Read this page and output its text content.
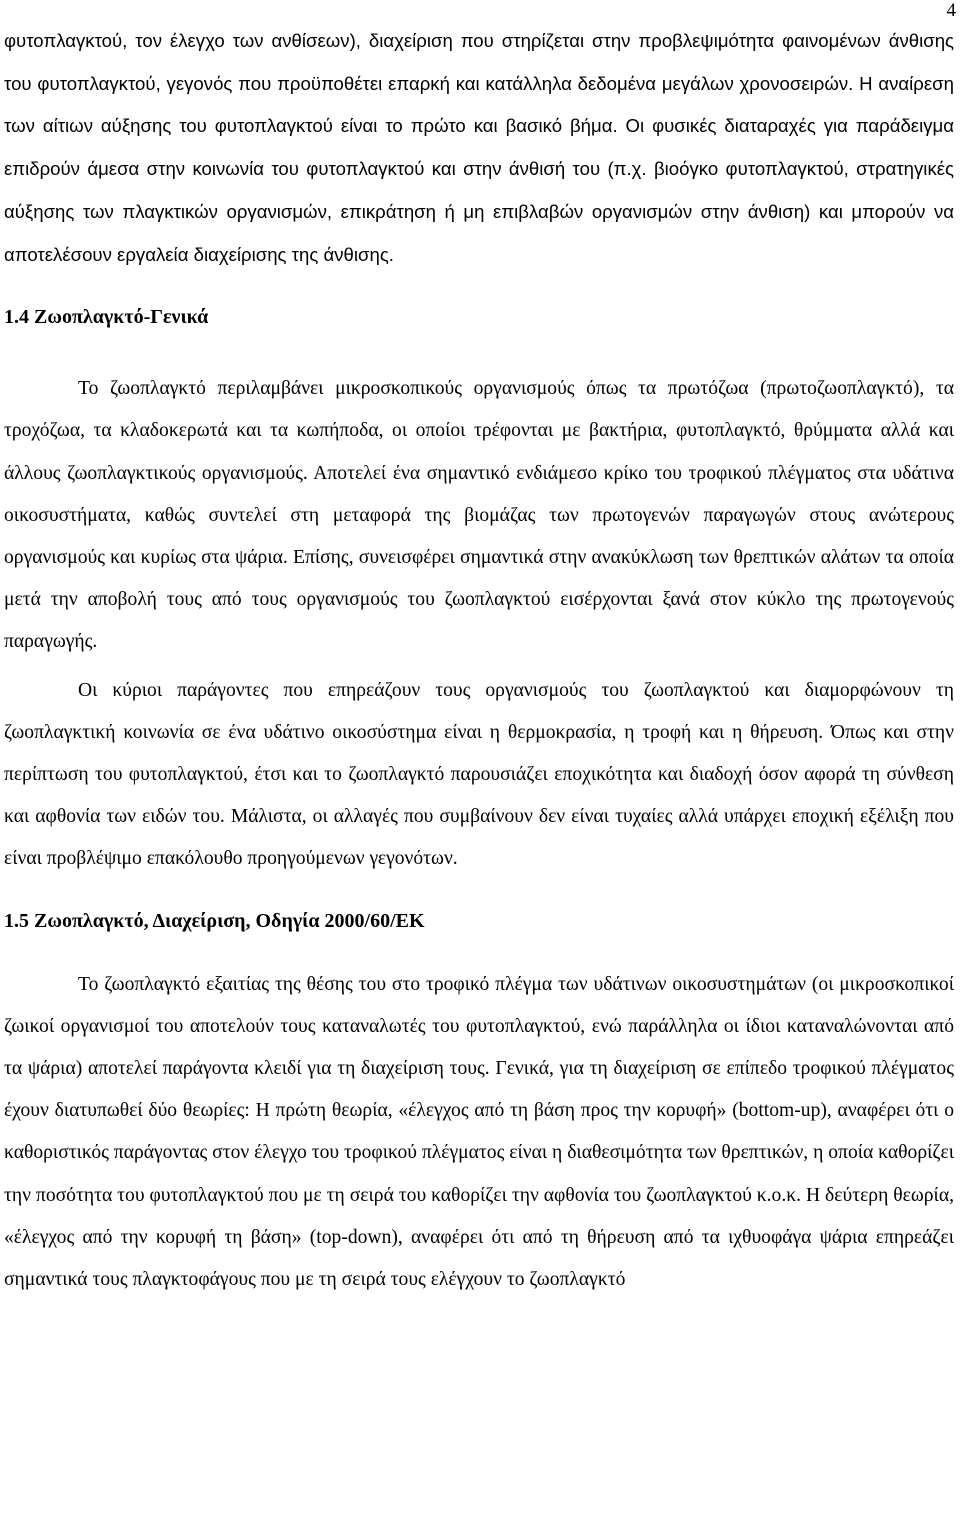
4

φυτοπλαγκτού, τον έλεγχο των ανθίσεων), διαχείριση που στηρίζεται στην προβλεψιμότητα φαινομένων άνθισης του φυτοπλαγκτού, γεγονός που προϋποθέτει επαρκή και κατάλληλα δεδομένα μεγάλων χρονοσειρών. Η αναίρεση των αίτιων αύξησης του φυτοπλαγκτού είναι το πρώτο και βασικό βήμα. Οι φυσικές διαταραχές για παράδειγμα επιδρούν άμεσα στην κοινωνία του φυτοπλαγκτού και στην άνθισή του (π.χ. βιοόγκο φυτοπλαγκτού, στρατηγικές αύξησης των πλαγκτικών οργανισμών, επικράτηση ή μη επιβλαβών οργανισμών στην άνθιση) και μπορούν να αποτελέσουν εργαλεία διαχείρισης της άνθισης.

1.4 Ζωοπλαγκτό-Γενικά

Το ζωοπλαγκτό περιλαμβάνει μικροσκοπικούς οργανισμούς όπως τα πρωτόζωα (πρωτοζωοπλαγκτό), τα τροχόζωα, τα κλαδοκερωτά και τα κωπήποδα, οι οποίοι τρέφονται με βακτήρια, φυτοπλαγκτό, θρύμματα αλλά και άλλους ζωοπλαγκτικούς οργανισμούς. Αποτελεί ένα σημαντικό ενδιάμεσο κρίκο του τροφικού πλέγματος στα υδάτινα οικοσυστήματα, καθώς συντελεί στη μεταφορά της βιομάζας των πρωτογενών παραγωγών στους ανώτερους οργανισμούς και κυρίως στα ψάρια. Επίσης, συνεισφέρει σημαντικά στην ανακύκλωση των θρεπτικών αλάτων τα οποία μετά την αποβολή τους από τους οργανισμούς του ζωοπλαγκτού εισέρχονται ξανά στον κύκλο της πρωτογενούς παραγωγής.

Οι κύριοι παράγοντες που επηρεάζουν τους οργανισμούς του ζωοπλαγκτού και διαμορφώνουν τη ζωοπλαγκτική κοινωνία σε ένα υδάτινο οικοσύστημα είναι η θερμοκρασία, η τροφή και η θήρευση. Όπως και στην περίπτωση του φυτοπλαγκτού, έτσι και το ζωοπλαγκτό παρουσιάζει εποχικότητα και διαδοχή όσον αφορά τη σύνθεση και αφθονία των ειδών του. Μάλιστα, οι αλλαγές που συμβαίνουν δεν είναι τυχαίες αλλά υπάρχει εποχική εξέλιξη που είναι προβλέψιμο επακόλουθο προηγούμενων γεγονότων.

1.5 Ζωοπλαγκτό, Διαχείριση, Οδηγία 2000/60/ΕΚ

Το ζωοπλαγκτό εξαιτίας της θέσης του στο τροφικό πλέγμα των υδάτινων οικοσυστημάτων (οι μικροσκοπικοί ζωικοί οργανισμοί του αποτελούν τους καταναλωτές του φυτοπλαγκτού, ενώ παράλληλα οι ίδιοι καταναλώνονται από τα ψάρια) αποτελεί παράγοντα κλειδί για τη διαχείριση τους. Γενικά, για τη διαχείριση σε επίπεδο τροφικού πλέγματος έχουν διατυπωθεί δύο θεωρίες: Η πρώτη θεωρία, «έλεγχος από τη βάση προς την κορυφή» (bottom-up), αναφέρει ότι ο καθοριστικός παράγοντας στον έλεγχο του τροφικού πλέγματος είναι η διαθεσιμότητα των θρεπτικών, η οποία καθορίζει την ποσότητα του φυτοπλαγκτού που με τη σειρά του καθορίζει την αφθονία του ζωοπλαγκτού κ.ο.κ. Η δεύτερη θεωρία, «έλεγχος από την κορυφή τη βάση» (top-down), αναφέρει ότι από τη θήρευση από τα ιχθυοφάγα ψάρια επηρεάζει σημαντικά τους πλαγκτοφάγους που με τη σειρά τους ελέγχουν το ζωοπλαγκτό
